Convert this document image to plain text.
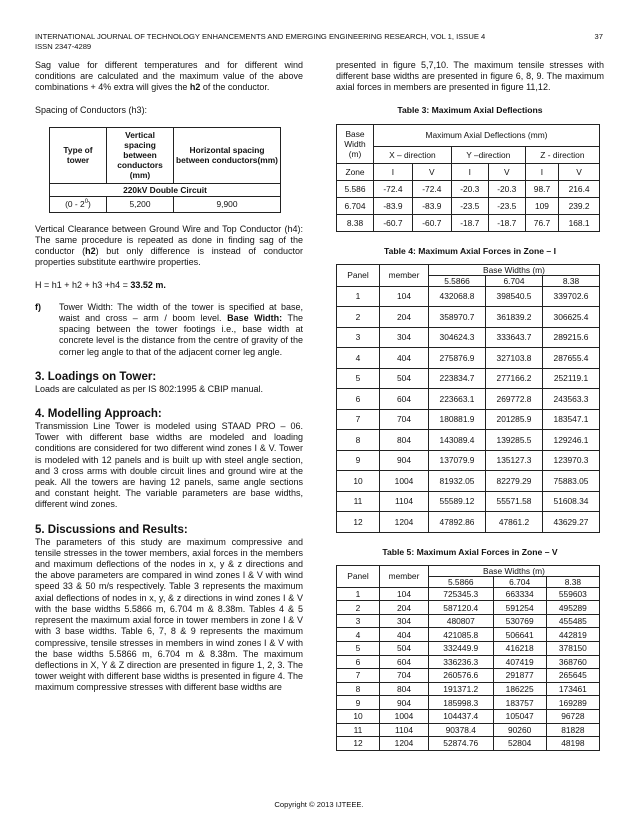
INTERNATIONAL JOURNAL OF TECHNOLOGY ENHANCEMENTS AND EMERGING ENGINEERING RESEARCH, VOL 1, ISSUE 4
ISSN 2347-4289
37

Sag value for different temperatures and for different wind conditions are calculated and the maximum value of the above combinations + 4% extra will gives the h2 of the conductor.

Spacing of Conductors (h3):

Type of tower	Vertical spacing between conductors (mm)	Horizontal spacing between conductors(mm)
220kV Double Circuit		
$(0 - 2^0)$	5,200	9,900

Vertical Clearance between Ground Wire and Top Conductor (h4): The same procedure is repeated as done in finding sag of the conductor (h2) but only difference is instead of conductor properties substitute earthwire properties.

H = h1 + h2 + h3 +h4 = 33.52 m.

f)	Tower Width: The width of the tower is specified at base, waist and cross – arm / boom level. Base Width: The spacing between the tower footings i.e., base width at concrete level is the distance from the centre of gravity of the corner leg angle to that of the adjacent corner leg angle.

3. Loadings on Tower:

Loads are calculated as per IS 802:1995 & CBIP manual.

4. Modelling Approach:

Transmission Line Tower is modeled using STAAD PRO – 06. Tower with different base widths are modeled and loading conditions are considered for two different wind zones I & V. Tower is modeled with 12 panels and is built up with steel angle section, and 3 cross arms with double circuit lines and ground wire at the peak. All the towers are having 12 panels, same angle sections and constant height. The variable parameters are base widths, different wind zones.

5. Discussions and Results:

The parameters of this study are maximum compressive and tensile stresses in the tower members, axial forces in the members and maximum deflections of the nodes in x, y & z directions and the above parameters are compared in wind zones I & V with wind speed 33 & 50 m/s respectively. Table 3 represents the maximum axial deflections of nodes in x, y, & z directions in wind zones I & V with the base widths 5.5866 m, 6.704 m & 8.38m. Tables 4 & 5 represent the maximum axial force in tower members in zone I & V with 3 base widths. Table 6, 7, 8 & 9 represents the maximum compressive, tensile stresses in members in wind zones I & V with the base widths 5.5866 m, 6.704 m & 8.38m. The maximum deflections in X, Y & Z direction are presented in figure 1, 2, 3. The tower weight with different base widths is presented in figure 4. The maximum compressive stresses with different base widths are

presented in figure 5,7,10. The maximum tensile stresses with different base widths are presented in figure 6, 8, 9. The maximum axial forces in members are presented in figure 11,12.

Table 3: Maximum Axial Deflections
Base Width (m)	Maximum Axial Deflections (mm)					
	X – direction		Y –direction		Z - direction	
Zone	I	V	I	V	I	V
5.586	-72.4	-72.4	-20.3	-20.3	98.7	216.4
6.704	-83.9	-83.9	-23.5	-23.5	109	239.2
8.38	-60.7	-60.7	-18.7	-18.7	76.7	168.1
Table 4: Maximum Axial Forces in Zone – I
Panel	member	Base Widths (m)		
		5.5866	6.704	8.38
1	104	432068.8	398540.5	339702.6
2	204	358970.7	361839.2	306625.4
3	304	304624.3	333643.7	289215.6
4	404	275876.9	327103.8	287655.4
5	504	223834.7	277166.2	252119.1
6	604	223663.1	269772.8	243563.3
7	704	180881.9	201285.9	183547.1
8	804	143089.4	139285.5	129246.1
9	904	137079.9	135127.3	123970.3
10	1004	81932.05	82279.29	75883.05
11	1104	55589.12	55571.58	51608.34
12	1204	47892.86	47861.2	43629.27
Table 5: Maximum Axial Forces in Zone – V
Panel	member	Base Widths (m)		
		5.5866	6.704	8.38
1	104	725345.3	663334	559603
2	204	587120.4	591254	495289
3	304	480807	530769	455485
4	404	421085.8	506641	442819
5	504	332449.9	416218	378150
6	604	336236.3	407419	368760
7	704	260576.6	291877	265645
8	804	191371.2	186225	173461
9	904	185998.3	183757	169289
10	1004	104437.4	105047	96728
11	1104	90378.4	90260	81828
12	1204	52874.76	52804	48198
Copyright © 2013 IJTEEE.
